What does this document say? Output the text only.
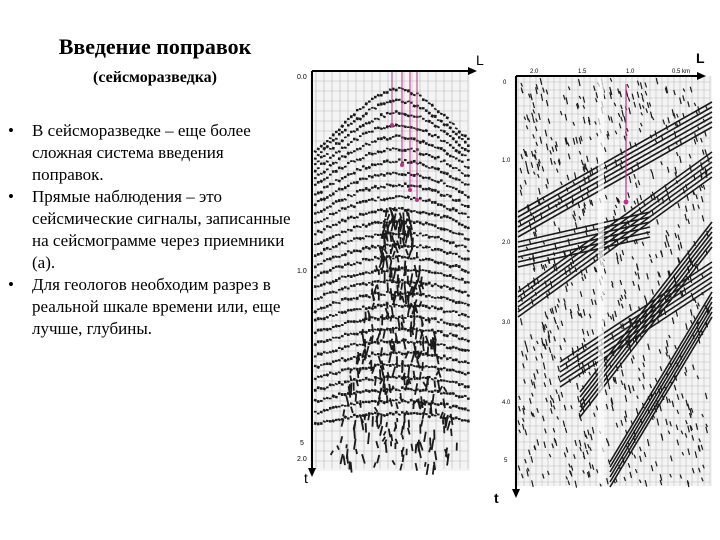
Введение поправок
(сейсморазведка)
• В сейсморазведке – еще более сложная система введения поправок.
• Прямые наблюдения – это сейсмические сигналы, записанные на сейсмограмме через приемники (а).
• Для геологов необходим разрез в реальной шкале времени или, еще лучше, глубины.
0.0
1.0
5
2.0
L
t
2.0	1.5	1.0	0.5 km
0
1.0
2.0
3.0
4.0
5
L
t
